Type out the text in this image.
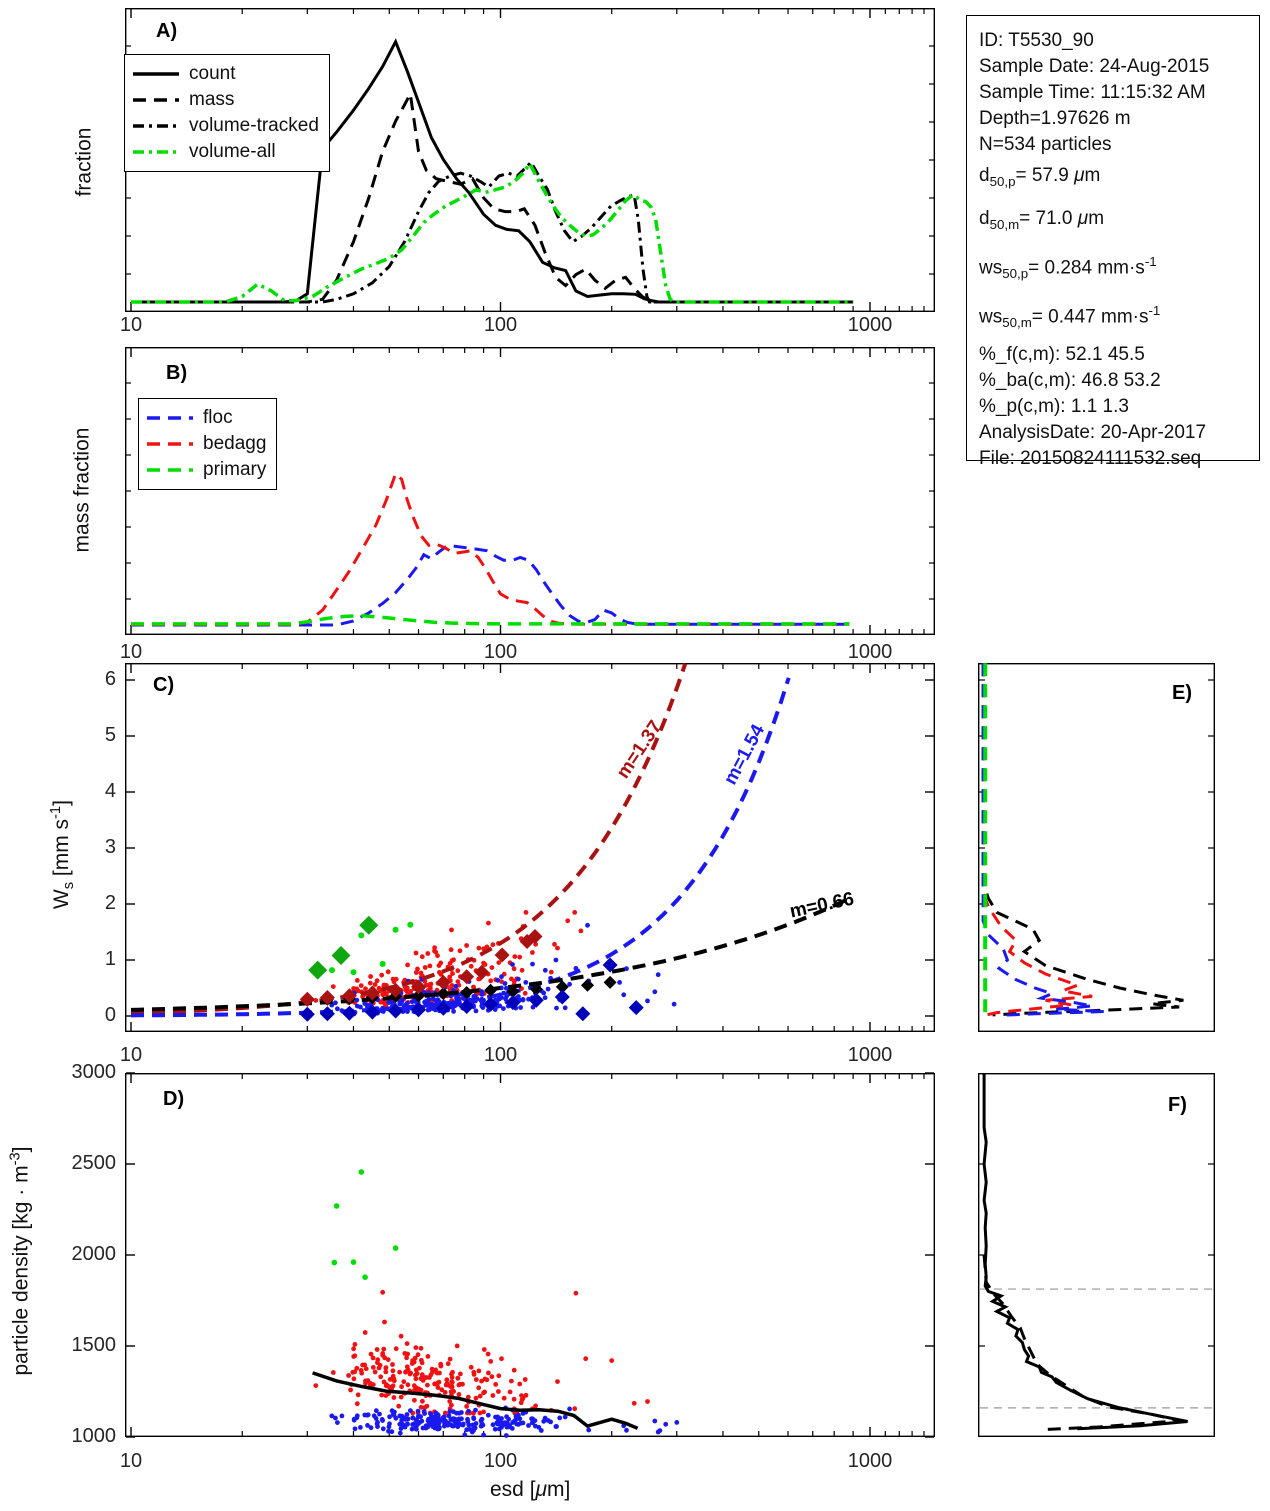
A)
B)
C)
D)
E)
F)
fraction
mass fraction
$W_s$ [mm $s^{-1}$]
particle density $[kg \cdot m^{-3}]$
esd [μm]
count
mass
volume-tracked
volume-all
floc
bedagg
primary
m=1.37	m=1.54
m=0.66
ID: T5530_90
Sample Date: 24-Aug-2015
Sample Time: 11:15:32 AM
Depth=1.97626 m
N=534 particles
$d_{50,p}= 57.9$ μm
$d_{50,m}= 71.0$ μm
$ws_{50,p}= 0.284$ $mm\cdot s^{-1}$
$ws_{50,m}= 0.447$ $mm\cdot s^{-1}$
%_f(c,m): 52.1 45.5
%_ba(c,m): 46.8 53.2
%_p(c,m): 1.1 1.3
AnalysisDate: 20-Apr-2017
File: 20150824111532.seq
0
1
2
3
4
5
6
1000
1500
2000
2500
3000
10	100	1000
10	100	1000
10	100	1000
10	100	1000
